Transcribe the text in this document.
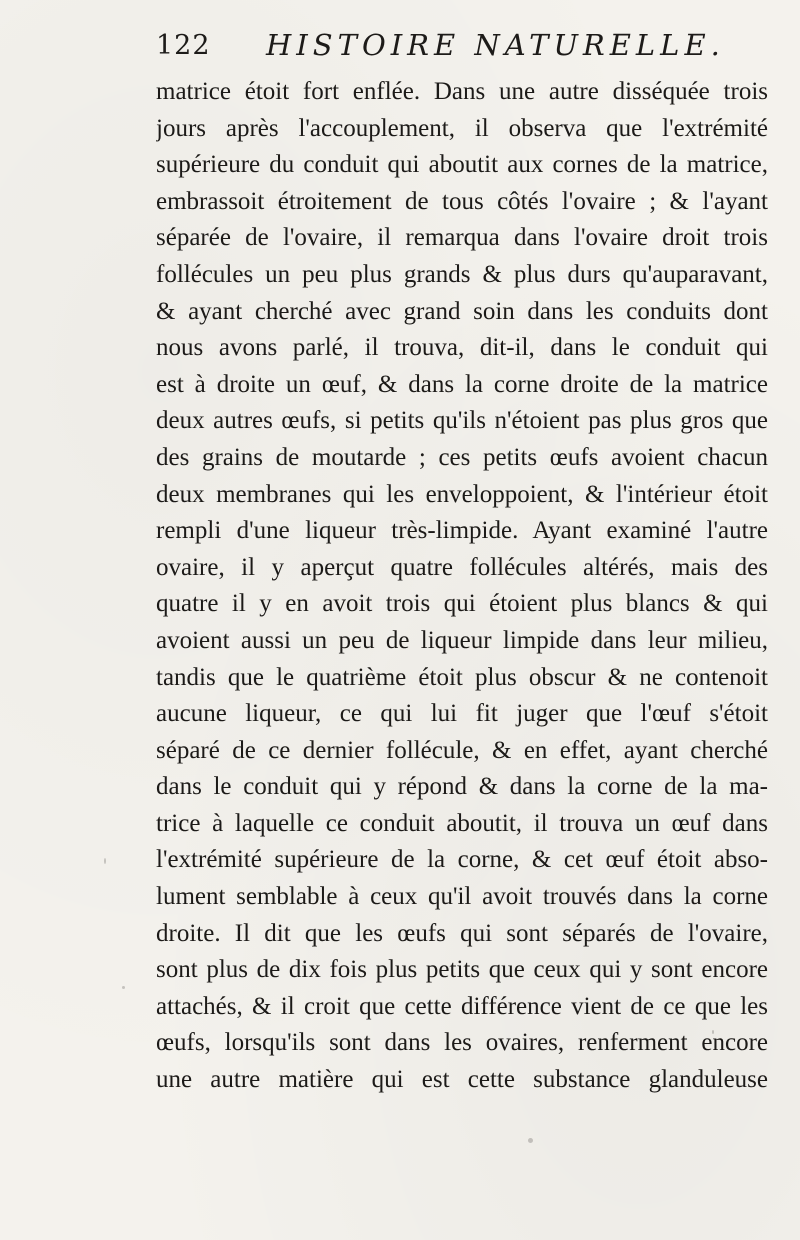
122 HISTOIRE NATURELLE.
matrice étoit fort enflée. Dans une autre disséquée trois
jours après l'accouplement, il observa que l'extrémité
supérieure du conduit qui aboutit aux cornes de la matrice,
embrassoit étroitement de tous côtés l'ovaire ; & l'ayant
séparée de l'ovaire, il remarqua dans l'ovaire droit trois
follécules un peu plus grands & plus durs qu'auparavant,
& ayant cherché avec grand soin dans les conduits dont
nous avons parlé, il trouva, dit-il, dans le conduit qui
est à droite un œuf, & dans la corne droite de la matrice
deux autres œufs, si petits qu'ils n'étoient pas plus gros que
des grains de moutarde ; ces petits œufs avoient chacun
deux membranes qui les enveloppoient, & l'intérieur étoit
rempli d'une liqueur très-limpide. Ayant examiné l'autre
ovaire, il y aperçut quatre follécules altérés, mais des
quatre il y en avoit trois qui étoient plus blancs & qui
avoient aussi un peu de liqueur limpide dans leur milieu,
tandis que le quatrième étoit plus obscur & ne contenoit
aucune liqueur, ce qui lui fit juger que l'œuf s'étoit
séparé de ce dernier follécule, & en effet, ayant cherché
dans le conduit qui y répond & dans la corne de la ma-
trice à laquelle ce conduit aboutit, il trouva un œuf dans
l'extrémité supérieure de la corne, & cet œuf étoit abso-
lument semblable à ceux qu'il avoit trouvés dans la corne
droite. Il dit que les œufs qui sont séparés de l'ovaire,
sont plus de dix fois plus petits que ceux qui y sont encore
attachés, & il croit que cette différence vient de ce que les
œufs, lorsqu'ils sont dans les ovaires, renferment encore
une autre matière qui est cette substance glanduleuse
